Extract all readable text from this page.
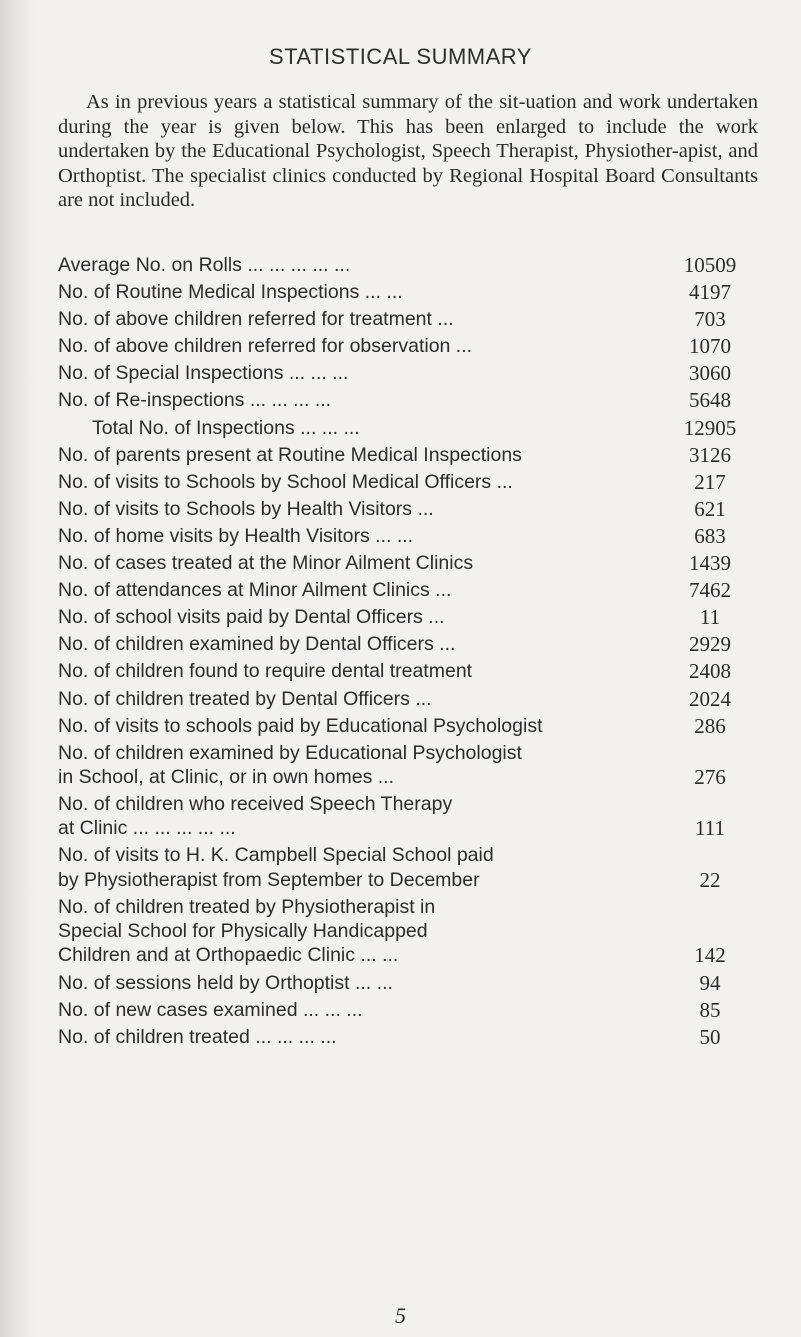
STATISTICAL SUMMARY

As in previous years a statistical summary of the sit-uation and work undertaken during the year is given below. This has been enlarged to include the work undertaken by the Educational Psychologist, Speech Therapist, Physiother-apist, and Orthoptist. The specialist clinics conducted by Regional Hospital Board Consultants are not included.

Average No. on Rolls ... ... ... ... ...	10509
No. of Routine Medical Inspections ... ...	4197
No. of above children referred for treatment ...	703
No. of above children referred for observation ...	1070
No. of Special Inspections ... ... ...	3060
No. of Re-inspections ... ... ... ...	5648
Total No. of Inspections ... ... ...	12905
No. of parents present at Routine Medical Inspections	3126
No. of visits to Schools by School Medical Officers ...	217
No. of visits to Schools by Health Visitors ...	621
No. of home visits by Health Visitors ... ...	683
No. of cases treated at the Minor Ailment Clinics	1439
No. of attendances at Minor Ailment Clinics ...	7462
No. of school visits paid by Dental Officers ...	11
No. of children examined by Dental Officers ...	2929
No. of children found to require dental treatment	2408
No. of children treated by Dental Officers ...	2024
No. of visits to schools paid by Educational Psychologist	286
No. of children examined by Educational Psychologist
in School, at Clinic, or in own homes ...	276
No. of children who received Speech Therapy
at Clinic ... ... ... ... ...	111
No. of visits to H. K. Campbell Special School paid
by Physiotherapist from September to December	22
No. of children treated by Physiotherapist in
Special School for Physically Handicapped
Children and at Orthopaedic Clinic ... ...	142
No. of sessions held by Orthoptist ... ...	94
No. of new cases examined ... ... ...	85
No. of children treated ... ... ... ...	50
5
